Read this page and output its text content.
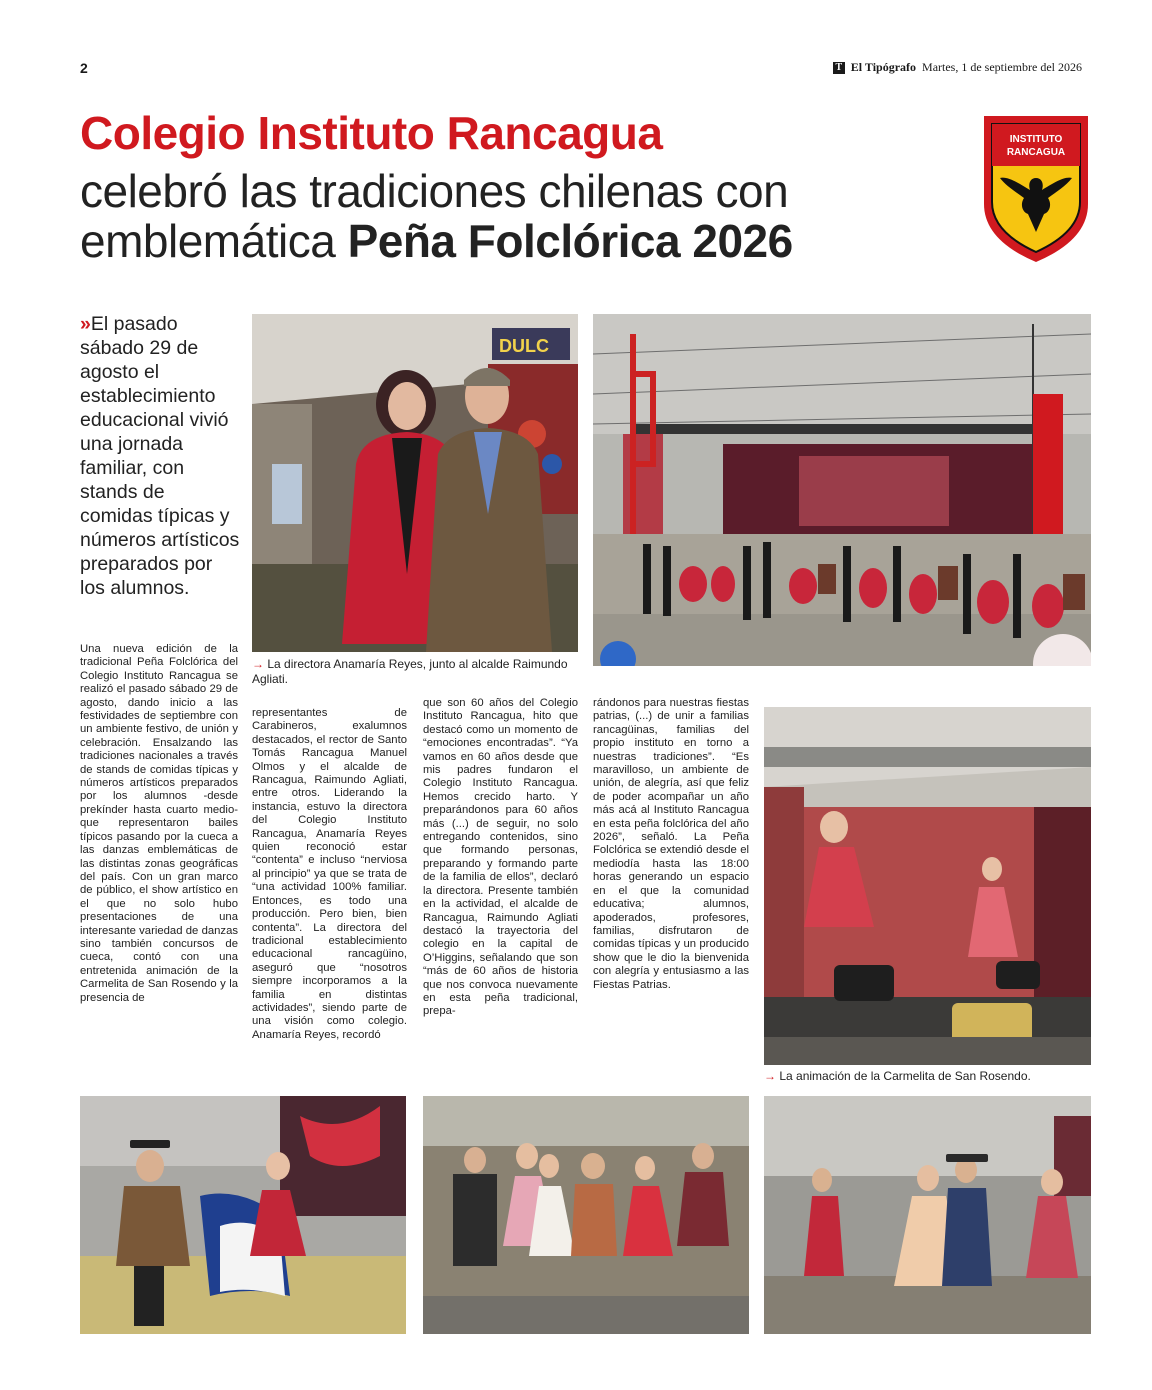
2	T El Tipógrafo Martes, 1 de septiembre del 2026
Colegio Instituto Rancagua
celebró las tradiciones chilenas con
emblemática Peña Folclórica 2026
INSTITUTO
RANCAGUA
»El pasado sábado 29 de agosto el establecimiento educacional vivió una jornada familiar, con stands de comidas típicas y números artísticos preparados por los alumnos.

Una nueva edición de la tradicional Peña Folclórica del Colegio Instituto Rancagua se realizó el pasado sábado 29 de agosto, dando inicio a las festividades de septiembre con un ambiente festivo, de unión y celebración. Ensalzando las tradiciones nacionales a través de stands de comidas típicas y números artísticos preparados por los alumnos -desde prekínder hasta cuarto medio- que representaron bailes típicos pasando por la cueca a las danzas emblemáticas de las distintas zonas geográficas del país. Con un gran marco de público, el show artístico en el que no solo hubo presentaciones de una interesante variedad de danzas sino también concursos de cueca, contó con una entretenida animación de la Carmelita de San Rosendo y la presencia de

representantes de Carabineros, exalumnos destacados, el rector de Santo Tomás Rancagua Manuel Olmos y el alcalde de Rancagua, Raimundo Agliati, entre otros. Liderando la instancia, estuvo la directora del Colegio Instituto Rancagua, Anamaría Reyes quien reconoció estar “contenta” e incluso “nerviosa al principio” ya que se trata de “una actividad 100% familiar. Entonces, es todo una producción. Pero bien, bien contenta”. La directora del tradicional establecimiento educacional rancagüino, aseguró que “nosotros siempre incorporamos a la familia en distintas actividades”, siendo parte de una visión como colegio. Anamaría Reyes, recordó

que son 60 años del Colegio Instituto Rancagua, hito que destacó como un momento de “emociones encontradas”. “Ya vamos en 60 años desde que mis padres fundaron el Colegio Instituto Rancagua. Hemos crecido harto. Y preparándonos para 60 años más (...) de seguir, no solo entregando contenidos, sino que formando personas, preparando y formando parte de la familia de ellos”, declaró la directora. Presente también en la actividad, el alcalde de Rancagua, Raimundo Agliati destacó la trayectoria del colegio en la capital de O’Higgins, señalando que son “más de 60 años de historia que nos convoca nuevamente en esta peña tradicional, prepa-

rándonos para nuestras fiestas patrias, (...) de unir a familias rancagüinas, familias del propio instituto en torno a nuestras tradiciones”. “Es maravilloso, un ambiente de unión, de alegría, así que feliz de poder acompañar un año más acá al Instituto Rancagua en esta peña folclórica del año 2026”, señaló. La Peña Folclórica se extendió desde el mediodía hasta las 18:00 horas generando un espacio en el que la comunidad educativa; alumnos, apoderados, profesores, familias, disfrutaron de comidas típicas y un producido show que le dio la bienvenida con alegría y entusiasmo a las Fiestas Patrias.

DULC
→ La directora Anamaría Reyes, junto al alcalde Raimundo Agliati.
→ La animación de la Carmelita de San Rosendo.
